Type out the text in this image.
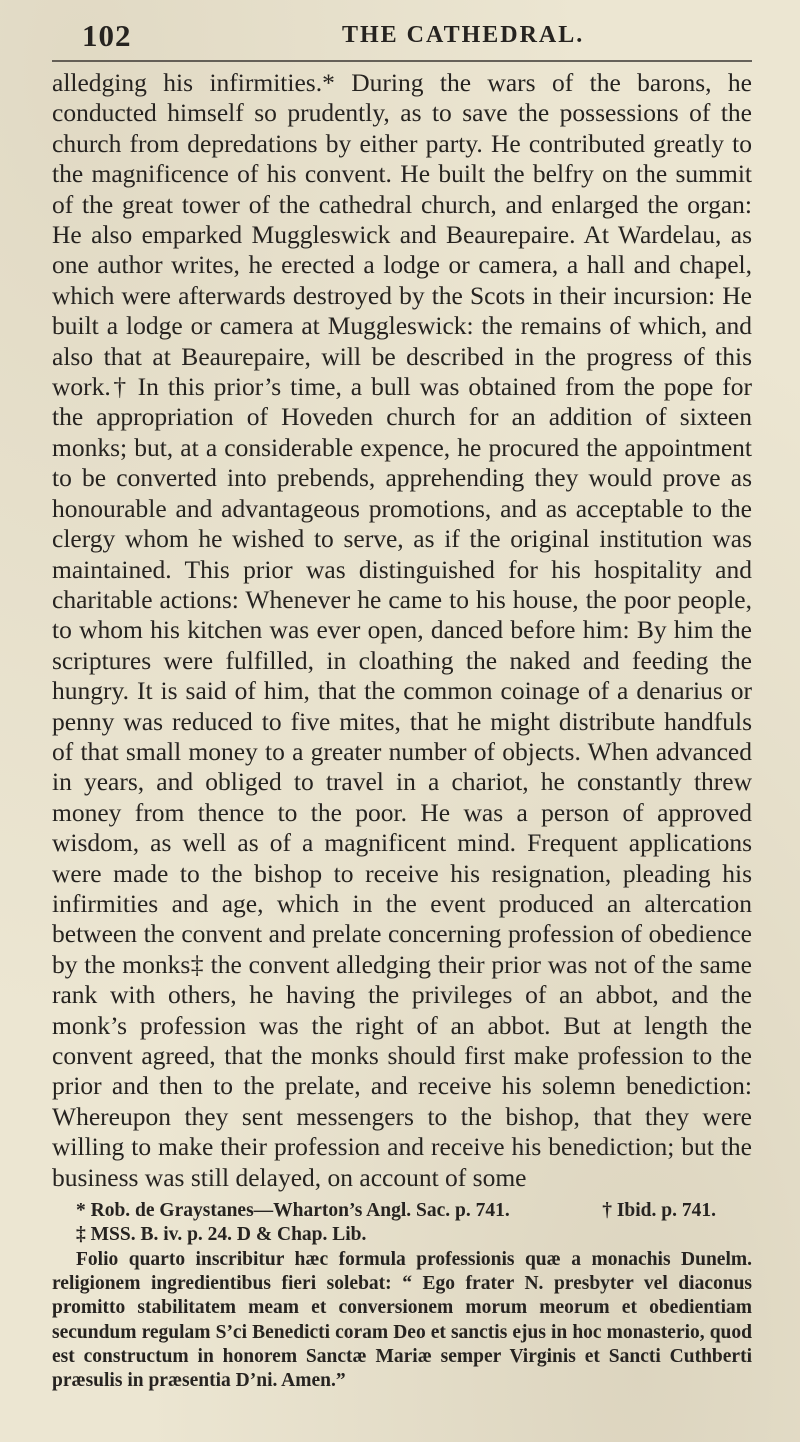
102	THE CATHEDRAL.

alledging his infirmities.* During the wars of the barons, he conducted himself so prudently, as to save the possessions of the church from depredations by either party. He contributed greatly to the magnificence of his convent. He built the belfry on the summit of the great tower of the cathedral church, and enlarged the organ: He also emparked Muggleswick and Beaurepaire. At Wardelau, as one author writes, he erected a lodge or camera, a hall and chapel, which were afterwards destroyed by the Scots in their incursion: He built a lodge or camera at Muggleswick: the remains of which, and also that at Beaurepaire, will be described in the progress of this work.† In this prior’s time, a bull was obtained from the pope for the appropriation of Hoveden church for an addition of sixteen monks; but, at a considerable expence, he procured the appointment to be converted into prebends, apprehending they would prove as honourable and advantageous promotions, and as acceptable to the clergy whom he wished to serve, as if the original institution was maintained. This prior was distinguished for his hospitality and charitable actions: Whenever he came to his house, the poor people, to whom his kitchen was ever open, danced before him: By him the scriptures were fulfilled, in cloathing the naked and feeding the hungry. It is said of him, that the common coinage of a denarius or penny was reduced to five mites, that he might distribute handfuls of that small money to a greater number of objects. When advanced in years, and obliged to travel in a chariot, he constantly threw money from thence to the poor. He was a person of approved wisdom, as well as of a magnificent mind. Frequent applications were made to the bishop to receive his resignation, pleading his infirmities and age, which in the event produced an altercation between the convent and prelate concerning profession of obedience by the monks‡ the convent alledging their prior was not of the same rank with others, he having the privileges of an abbot, and the monk’s profession was the right of an abbot. But at length the convent agreed, that the monks should first make profession to the prior and then to the prelate, and receive his solemn benediction: Whereupon they sent messengers to the bishop, that they were willing to make their profession and receive his benediction; but the business was still delayed, on account of some

* Rob. de Graystanes—Wharton’s Angl. Sac. p. 741.	† Ibid. p. 741.

‡ MSS. B. iv. p. 24. D & Chap. Lib.

Folio quarto inscribitur hæc formula professionis quæ a monachis Dunelm. religionem ingredientibus fieri solebat: “ Ego frater N. presbyter vel diaconus promitto stabilitatem meam et conversionem morum meorum et obedientiam secundum regulam S’ci Benedicti coram Deo et sanctis ejus in hoc monasterio, quod est constructum in honorem Sanctæ Mariæ semper Virginis et Sancti Cuthberti præsulis in præsentia D’ni. Amen.”
